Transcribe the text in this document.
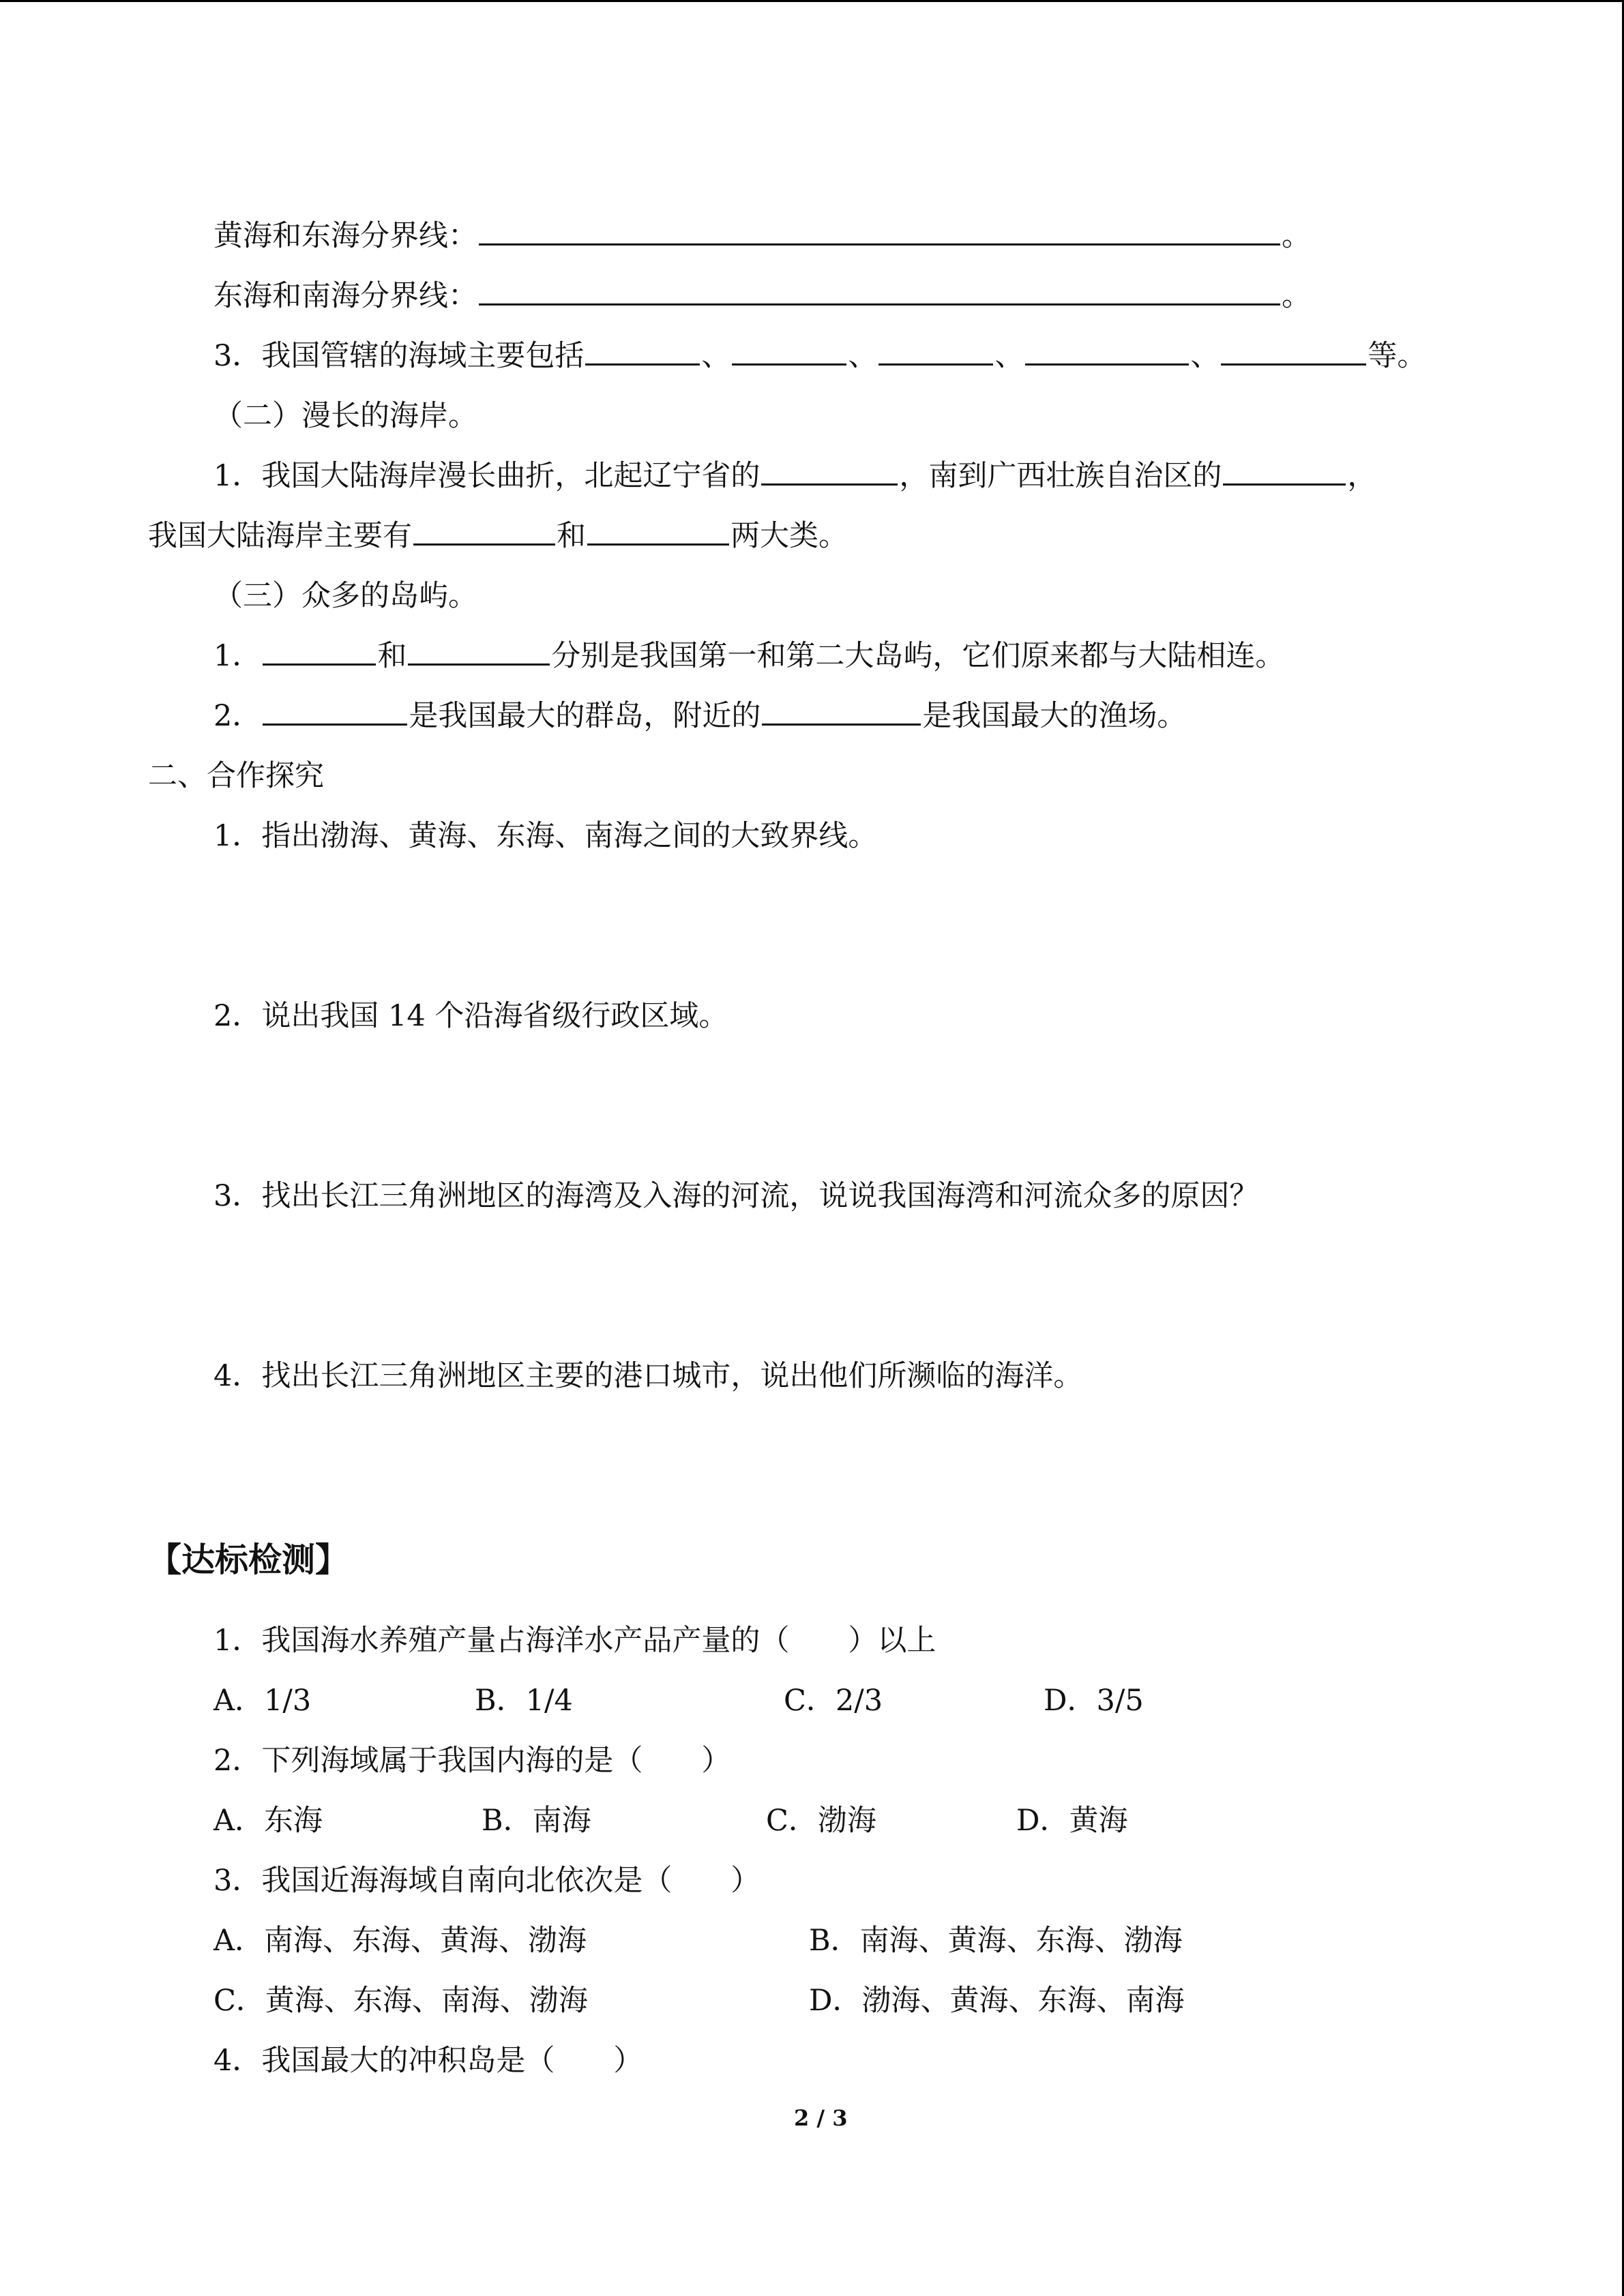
黄海和东海分界线：	。
东海和南海分界线：	。
3．我国管辖的海域主要包括	、	、	、	、	等。
（二）漫长的海岸。
1．我国大陆海岸漫长曲折，北起辽宁省的	，南到广西壮族自治区的	，
我国大陆海岸主要有	和	两大类。
（三）众多的岛屿。
1．	和	分别是我国第一和第二大岛屿，它们原来都与大陆相连。
2．	是我国最大的群岛，附近的	是我国最大的渔场。
二、合作探究
1．指出渤海、黄海、东海、南海之间的大致界线。
2．说出我国 14 个沿海省级行政区域。
3．找出长江三角洲地区的海湾及入海的河流，说说我国海湾和河流众多的原因？
4．找出长江三角洲地区主要的港口城市，说出他们所濒临的海洋。
【达标检测】
1．我国海水养殖产量占海洋水产品产量的（　　）以上
A．1/3	B．1/4	C．2/3	D．3/5
2．下列海域属于我国内海的是（　　）
A．东海	B．南海	C．渤海	D．黄海
3．我国近海海域自南向北依次是（　　）
A．南海、东海、黄海、渤海	B．南海、黄海、东海、渤海
C．黄海、东海、南海、渤海	D．渤海、黄海、东海、南海
4．我国最大的冲积岛是（　　）
2 / 3
